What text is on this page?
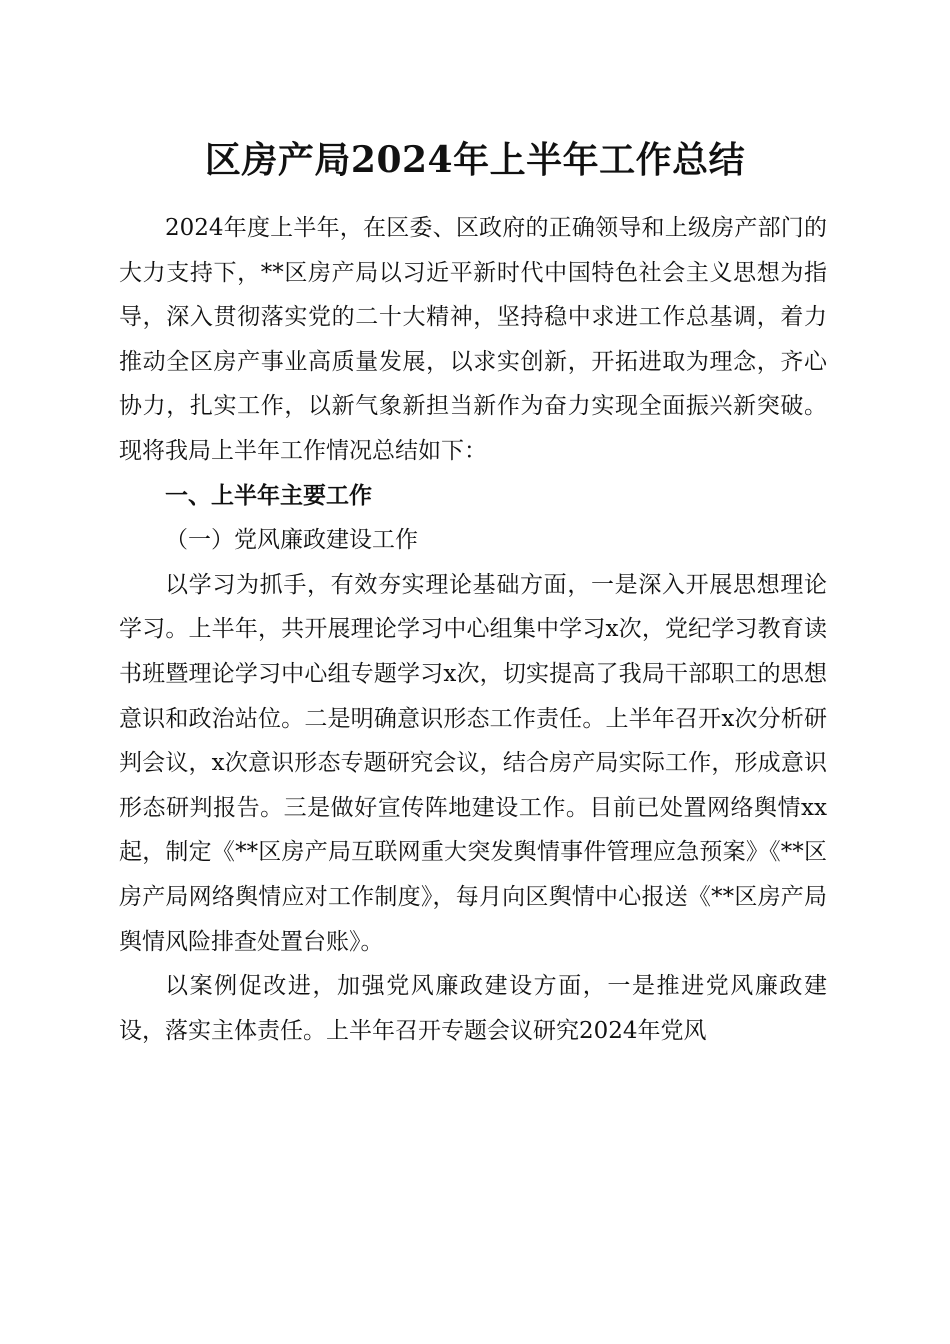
区房产局2024年上半年工作总结

2024年度上半年，在区委、区政府的正确领导和上级房产部门的大力支持下，**区房产局以习近平新时代中国特色社会主义思想为指导，深入贯彻落实党的二十大精神，坚持稳中求进工作总基调，着力推动全区房产事业高质量发展，以求实创新，开拓进取为理念，齐心协力，扎实工作，以新气象新担当新作为奋力实现全面振兴新突破。现将我局上半年工作情况总结如下：

一、上半年主要工作

（一）党风廉政建设工作

以学习为抓手，有效夯实理论基础方面，一是深入开展思想理论学习。上半年，共开展理论学习中心组集中学习x次，党纪学习教育读书班暨理论学习中心组专题学习x次，切实提高了我局干部职工的思想意识和政治站位。二是明确意识形态工作责任。上半年召开x次分析研判会议，x次意识形态专题研究会议，结合房产局实际工作，形成意识形态研判报告。三是做好宣传阵地建设工作。目前已处置网络舆情xx起，制定《**区房产局互联网重大突发舆情事件管理应急预案》《**区房产局网络舆情应对工作制度》，每月向区舆情中心报送《**区房产局舆情风险排查处置台账》。

以案例促改进，加强党风廉政建设方面，一是推进党风廉政建设，落实主体责任。上半年召开专题会议研究2024年党风
